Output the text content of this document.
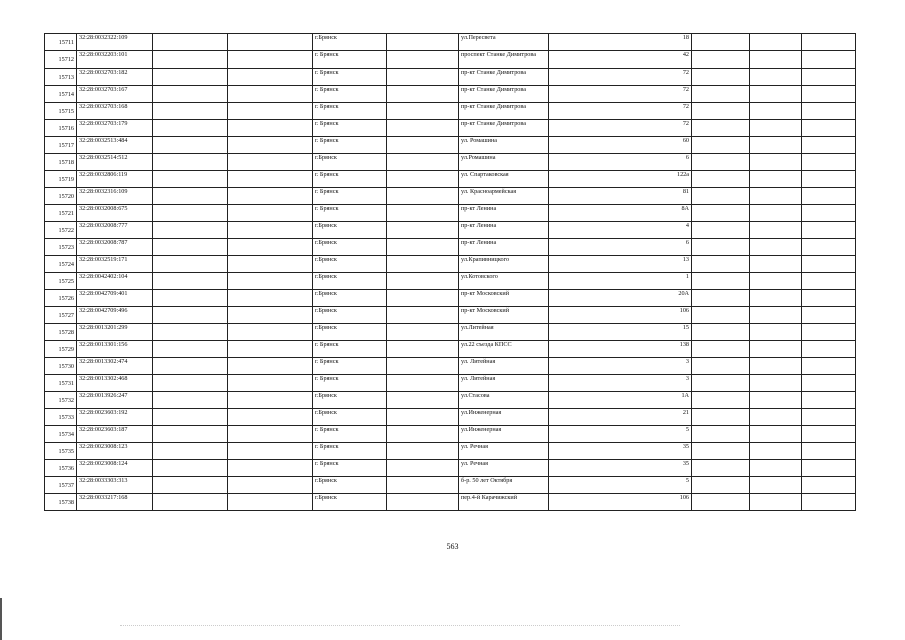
15711	32:28:0032322:109			г.Брянск		ул.Пересвета	18			
15712	32:28:0032203:101			г. Брянск		проспект Станке Димитрова	42			
15713	32:28:0032703:182			г. Брянск		пр-кт Станке Димитрова	72			
15714	32:28:0032703:167			г. Брянск		пр-кт Станке Димитрова	72			
15715	32:28:0032703:168			г. Брянск		пр-кт Станке Димитрова	72			
15716	32:28:0032703:179			г. Брянск		пр-кт Станке Димитрова	72			
15717	32:28:0032513:484			г. Брянск		ул. Ромашина	60			
15718	32:28:0032514:512			г.Брянск		ул.Ромашина	6			
15719	32:28:0032806:119			г. Брянск		ул. Спартаковская	122а			
15720	32:28:0032316:109			г. Брянск		ул. Красноармейская	81			
15721	32:28:0032008:675			г. Брянск		пр-кт Ленина	8А			
15722	32:28:0032008:777			г.Брянск		пр-кт Ленина	4			
15723	32:28:0032008:787			г.Брянск		пр-кт Ленина	6			
15724	32:28:0032519:171			г.Брянск		ул.Крапивницкого	13			
15725	32:28:0042402:104			г.Брянск		ул.Котовского	1			
15726	32:28:0042709:401			г.Брянск		пр-кт Московский	20А			
15727	32:28:0042709:496			г.Брянск		пр-кт Московский	106			
15728	32:28:0013201:299			г.Брянск		ул.Литейная	15			
15729	32:28:0013301:156			г. Брянск		ул.22 съезда КПСС	138			
15730	32:28:0013302:474			г. Брянск		ул. Литейная	3			
15731	32:28:0013302:468			г. Брянск		ул. Литейная	3			
15732	32:28:0013926:247			г.Брянск		ул.Стасова	1А			
15733	32:28:0023603:192			г.Брянск		ул.Инженерная	21			
15734	32:28:0023603:187			г. Брянск		ул.Инженерная	5			
15735	32:28:0023008:123			г. Брянск		ул. Речная	35			
15736	32:28:0023008:124			г. Брянск		ул. Речная	35			
15737	32:28:0033303:313			г.Брянск		б-р. 50 лет Октября	5			
15738	32:28:0033217:168			г.Брянск		пер.4-й Карачижский	106			
563
